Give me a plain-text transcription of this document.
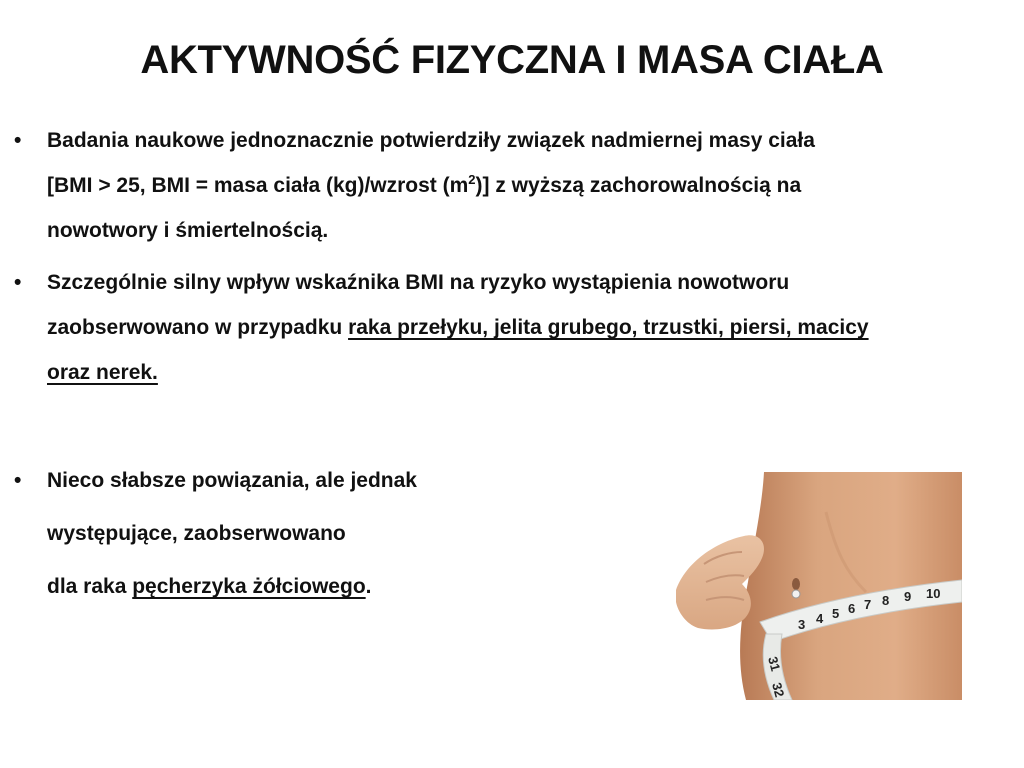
AKTYWNOŚĆ FIZYCZNA I MASA CIAŁA
•	Badania naukowe jednoznacznie potwierdziły związek nadmiernej masy ciała
[BMI > 25, BMI = masa ciała (kg)/wzrost $(m^2)$] z wyższą zachorowalnością na
nowotwory i śmiertelnością.
•	Szczególnie silny wpływ wskaźnika BMI na ryzyko wystąpienia nowotworu
zaobserwowano w przypadku raka przełyku, jelita grubego, trzustki, piersi, macicy
oraz nerek.
•	Nieco słabsze powiązania, ale jednak
występujące, zaobserwowano
dla raka pęcherzyka żółciowego.
3 4 5 6 7 8 9 10
31
32
